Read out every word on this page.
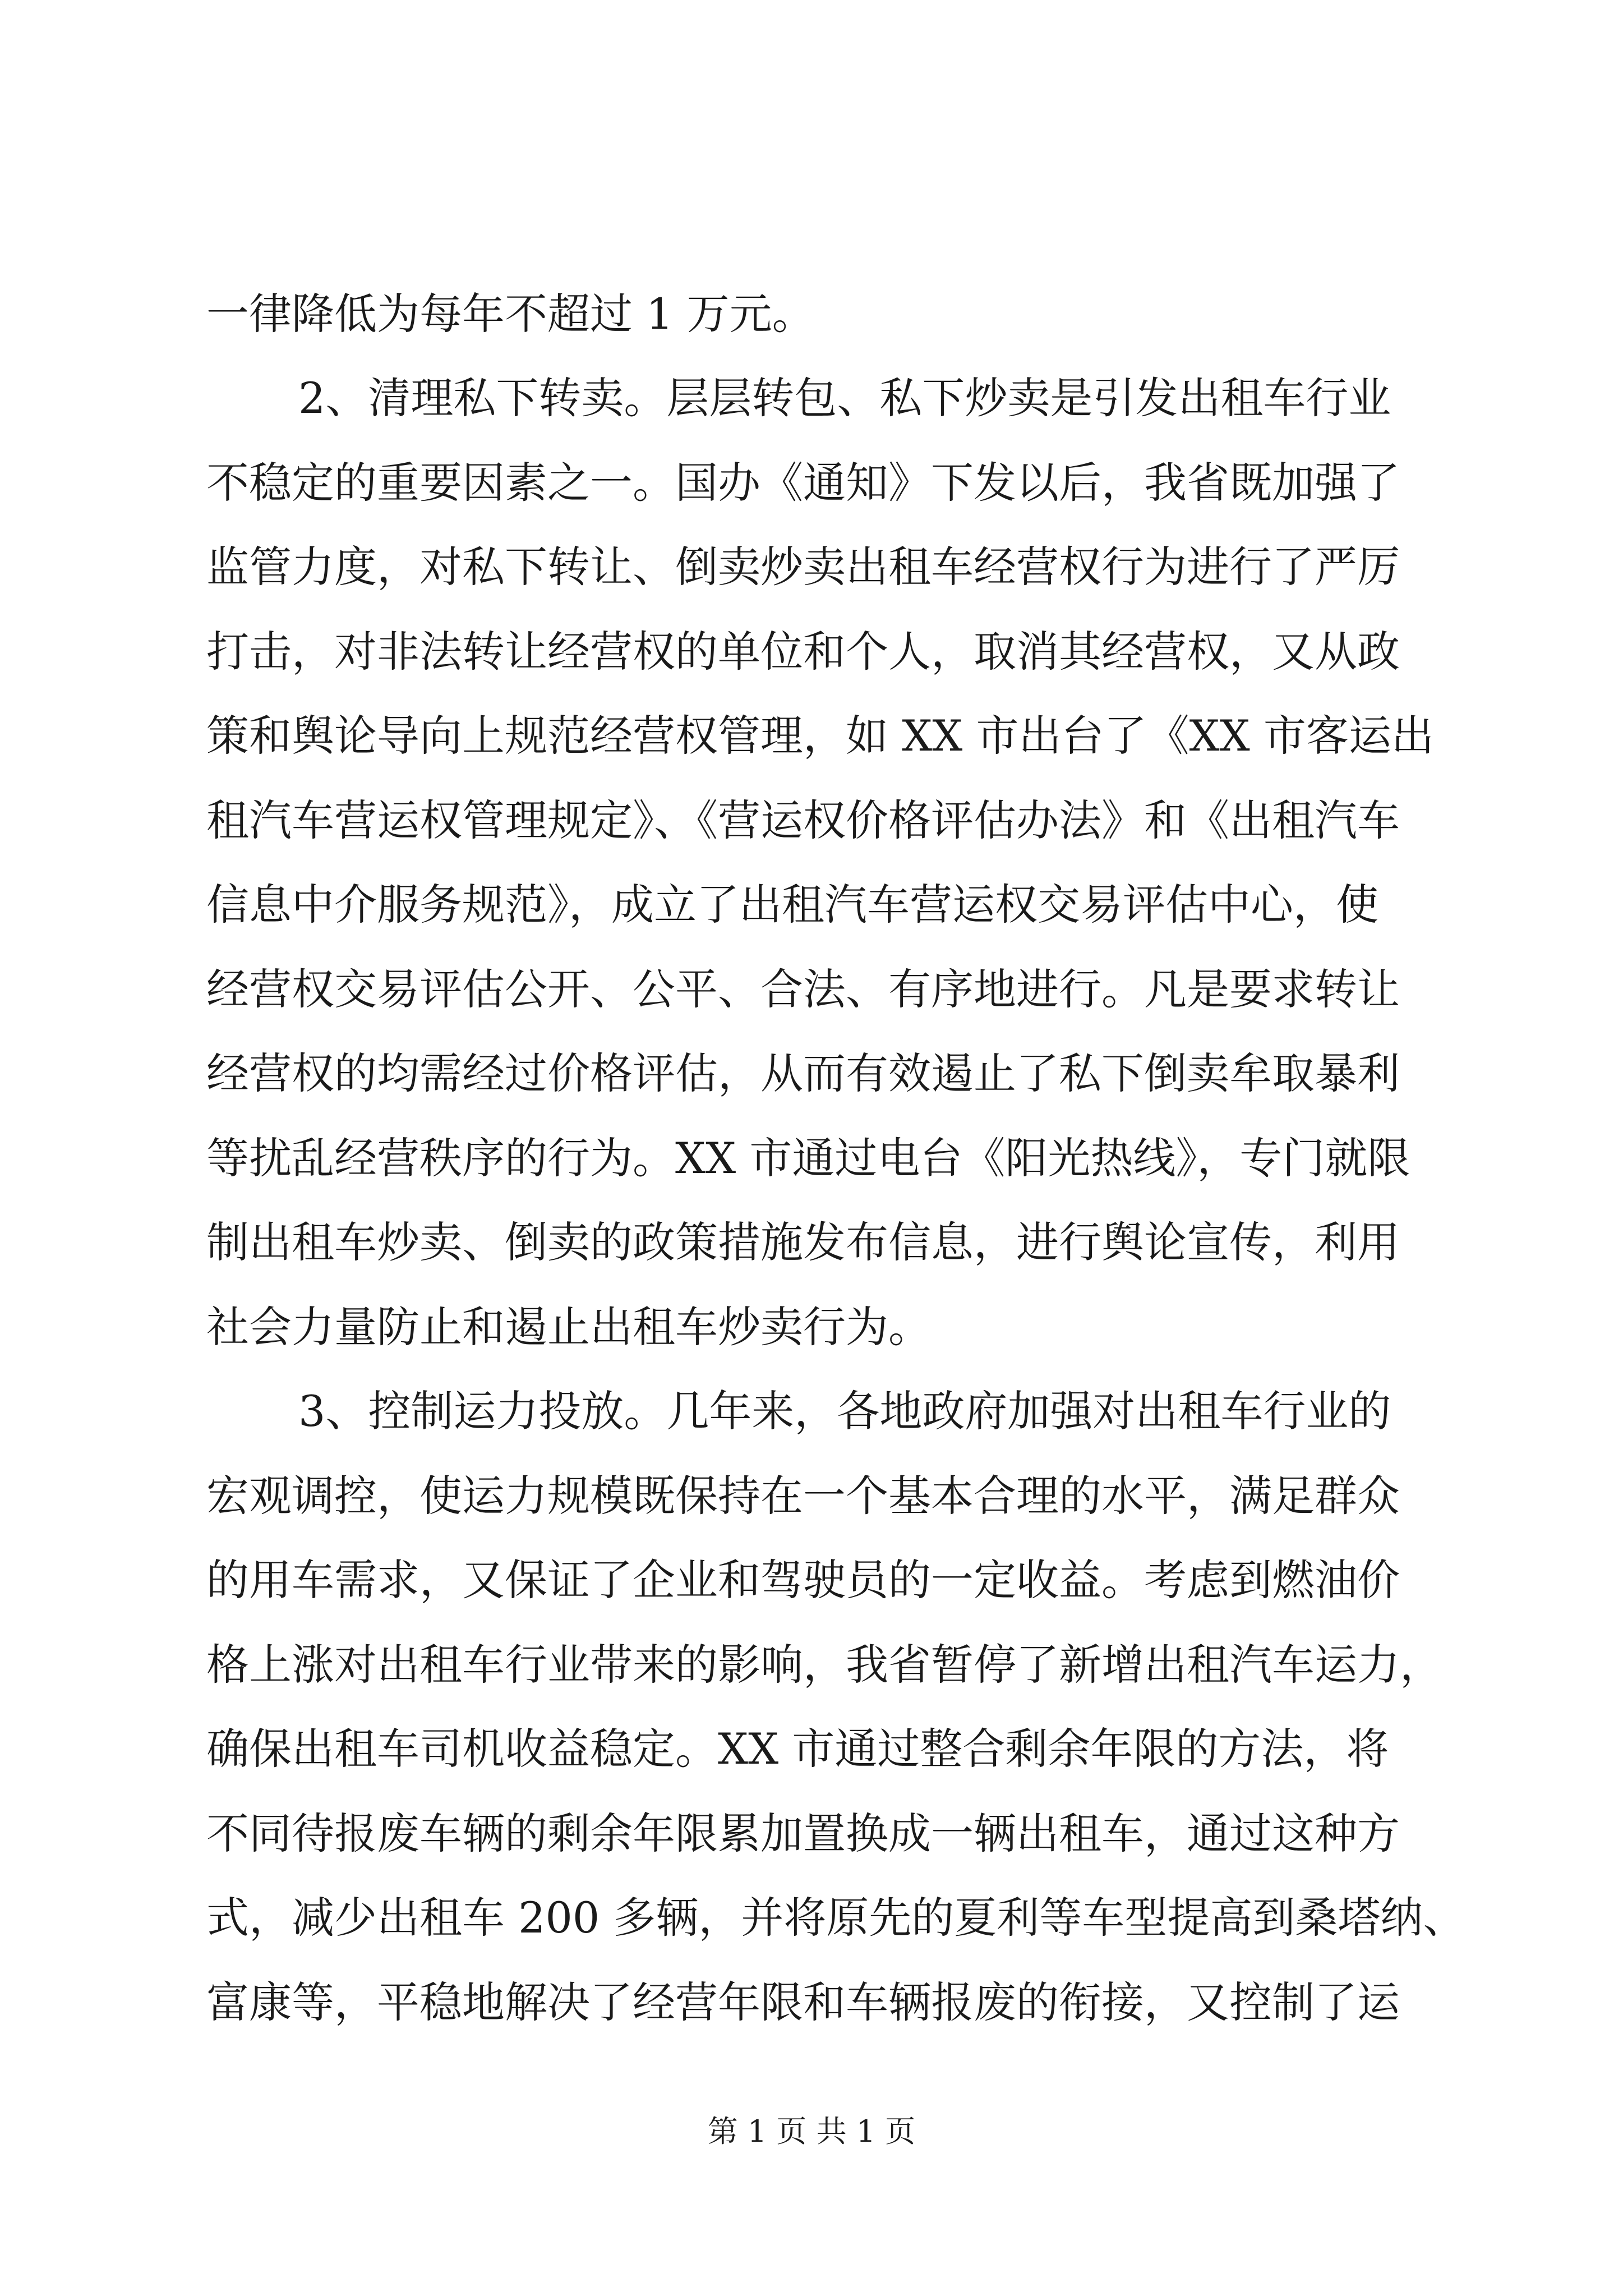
一律降低为每年不超过 1 万元。
2、清理私下转卖。层层转包、私下炒卖是引发出租车行业
不稳定的重要因素之一。国办《通知》下发以后，我省既加强了
监管力度，对私下转让、倒卖炒卖出租车经营权行为进行了严厉
打击，对非法转让经营权的单位和个人，取消其经营权，又从政
策和舆论导向上规范经营权管理，如 XX 市出台了《XX 市客运出
租汽车营运权管理规定》、《营运权价格评估办法》和《出租汽车
信息中介服务规范》，成立了出租汽车营运权交易评估中心，使
经营权交易评估公开、公平、合法、有序地进行。凡是要求转让
经营权的均需经过价格评估，从而有效遏止了私下倒卖牟取暴利
等扰乱经营秩序的行为。XX 市通过电台《阳光热线》，专门就限
制出租车炒卖、倒卖的政策措施发布信息，进行舆论宣传，利用
社会力量防止和遏止出租车炒卖行为。
3、控制运力投放。几年来，各地政府加强对出租车行业的
宏观调控，使运力规模既保持在一个基本合理的水平，满足群众
的用车需求，又保证了企业和驾驶员的一定收益。考虑到燃油价
格上涨对出租车行业带来的影响，我省暂停了新增出租汽车运力，
确保出租车司机收益稳定。XX 市通过整合剩余年限的方法，将
不同待报废车辆的剩余年限累加置换成一辆出租车，通过这种方
式，减少出租车 200 多辆，并将原先的夏利等车型提高到桑塔纳、
富康等，平稳地解决了经营年限和车辆报废的衔接，又控制了运
第 1 页 共 1 页
